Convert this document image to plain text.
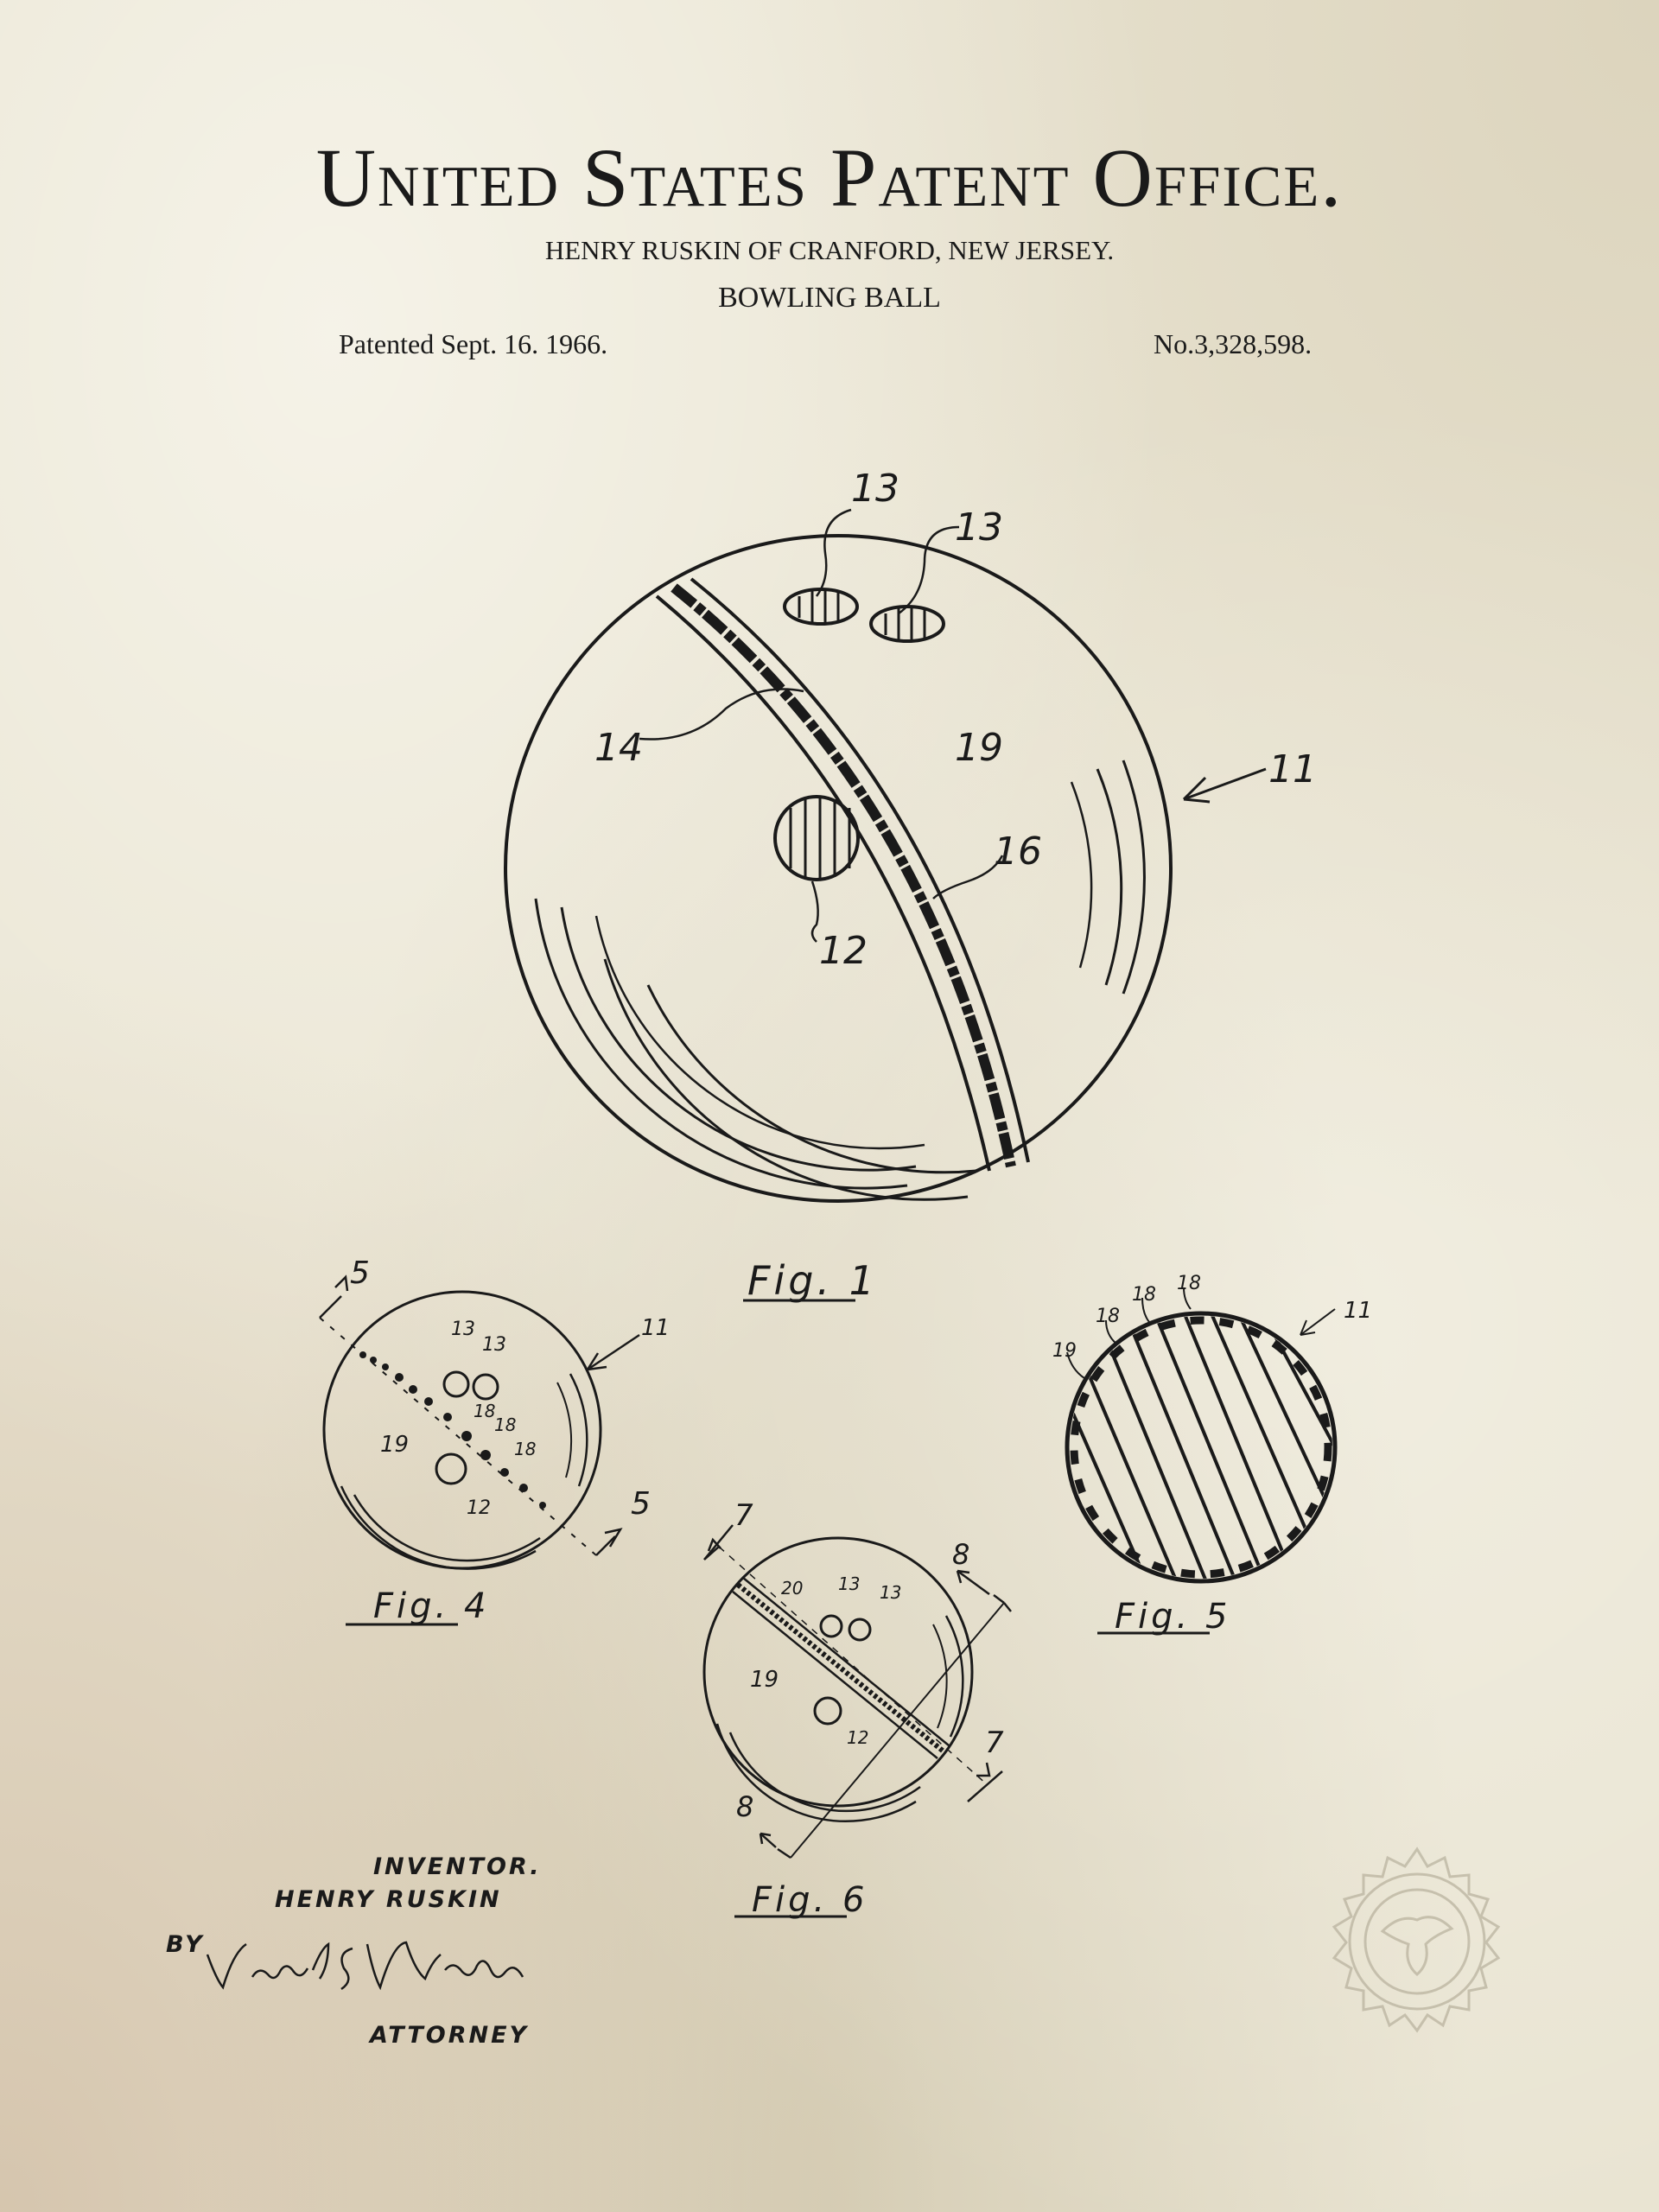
United States Patent Office.
HENRY RUSKIN OF CRANFORD, NEW JERSEY.
BOWLING BALL
Patented Sept. 16. 1966.	No.3,328,598.
13
13
14	19	11
16
12
Fig. 1
5
13
13
11
18
18
18
19
12	5
Fig. 4
19
18
18
18
11
Fig. 5
7
8
20 13 13
19
12	7
8
Fig. 6
INVENTOR.
HENRY RUSKIN
BY
ATTORNEY
